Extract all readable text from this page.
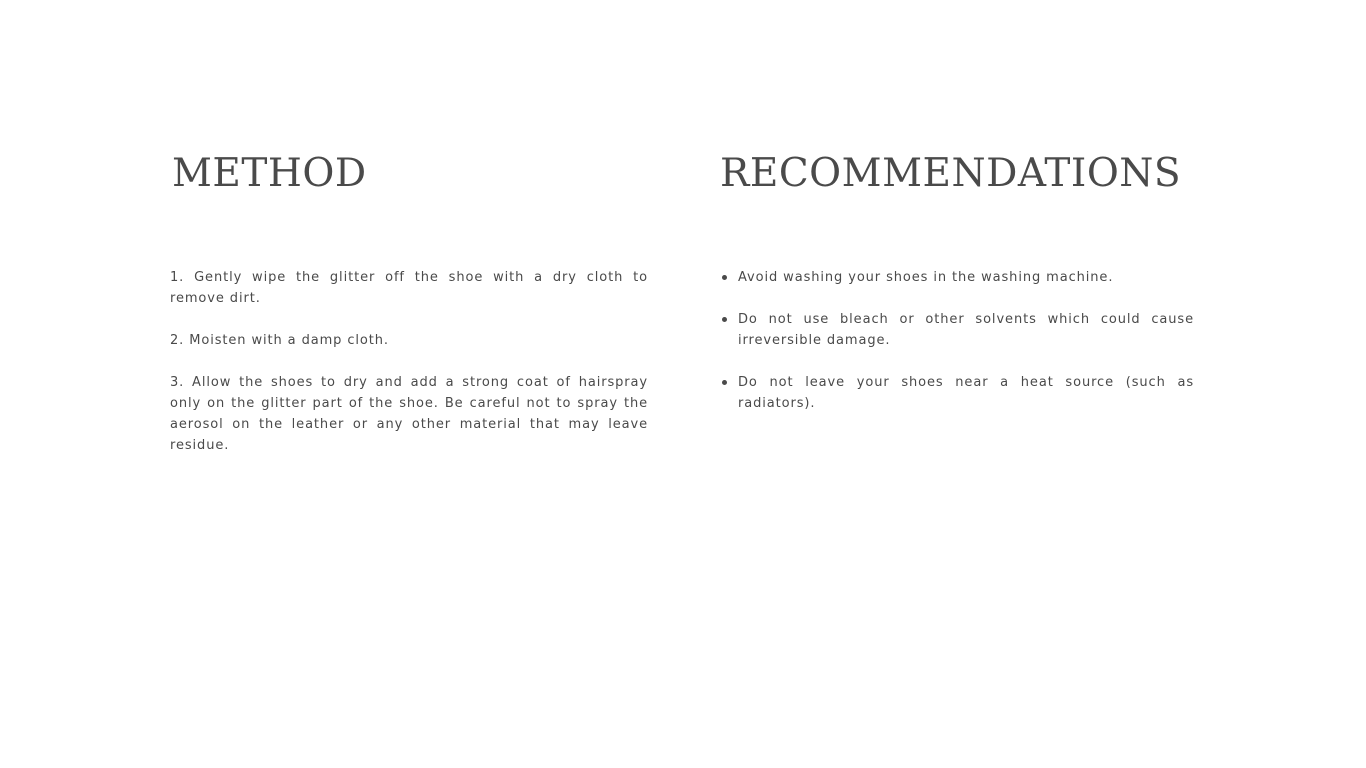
METHOD

1. Gently wipe the glitter off the shoe with a dry cloth to remove dirt.

2. Moisten with a damp cloth.

3. Allow the shoes to dry and add a strong coat of hairspray only on the glitter part of the shoe. Be careful not to spray the aerosol on the leather or any other material that may leave residue.

RECOMMENDATIONS
Avoid washing your shoes in the washing machine.
Do not use bleach or other solvents which could cause irreversible damage.
Do not leave your shoes near a heat source (such as radiators).
